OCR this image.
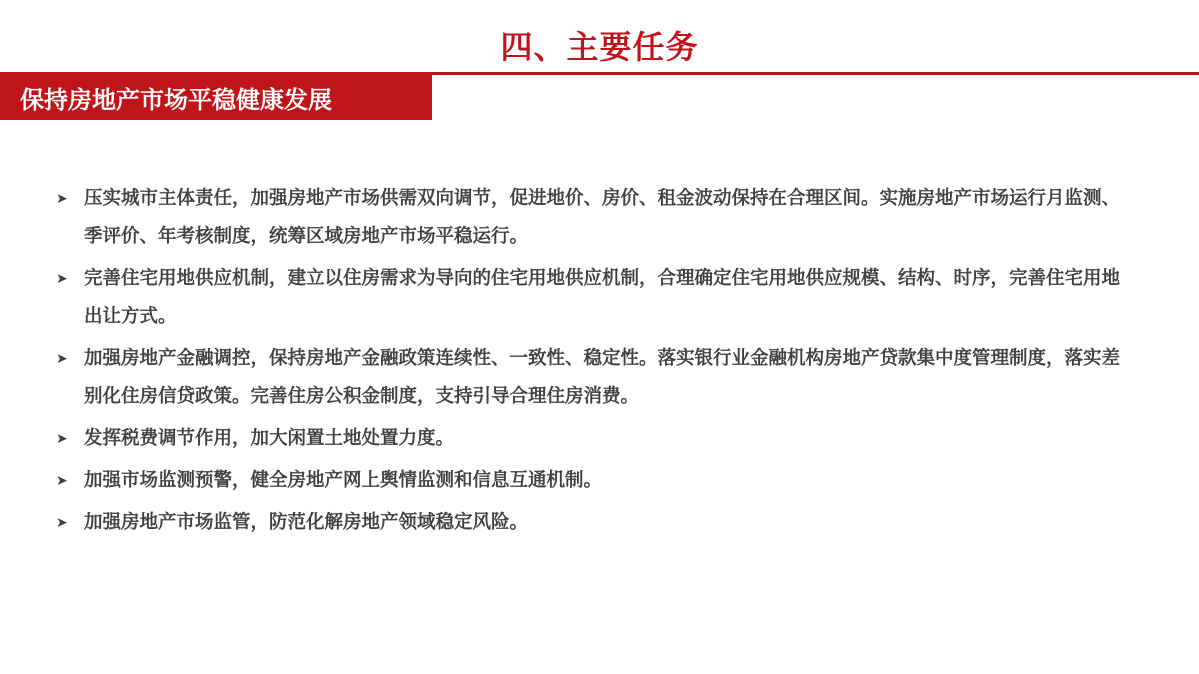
四、主要任务
保持房地产市场平稳健康发展
➤ 压实城市主体责任，加强房地产市场供需双向调节，促进地价、房价、租金波动保持在合理区间。实施房地产市场运行月监测、季评价、年考核制度，统筹区域房地产市场平稳运行。
➤ 完善住宅用地供应机制，建立以住房需求为导向的住宅用地供应机制，合理确定住宅用地供应规模、结构、时序，完善住宅用地出让方式。
➤ 加强房地产金融调控，保持房地产金融政策连续性、一致性、稳定性。落实银行业金融机构房地产贷款集中度管理制度，落实差别化住房信贷政策。完善住房公积金制度，支持引导合理住房消费。
➤ 发挥税费调节作用，加大闲置土地处置力度。
➤ 加强市场监测预警，健全房地产网上舆情监测和信息互通机制。
➤ 加强房地产市场监管，防范化解房地产领域稳定风险。
